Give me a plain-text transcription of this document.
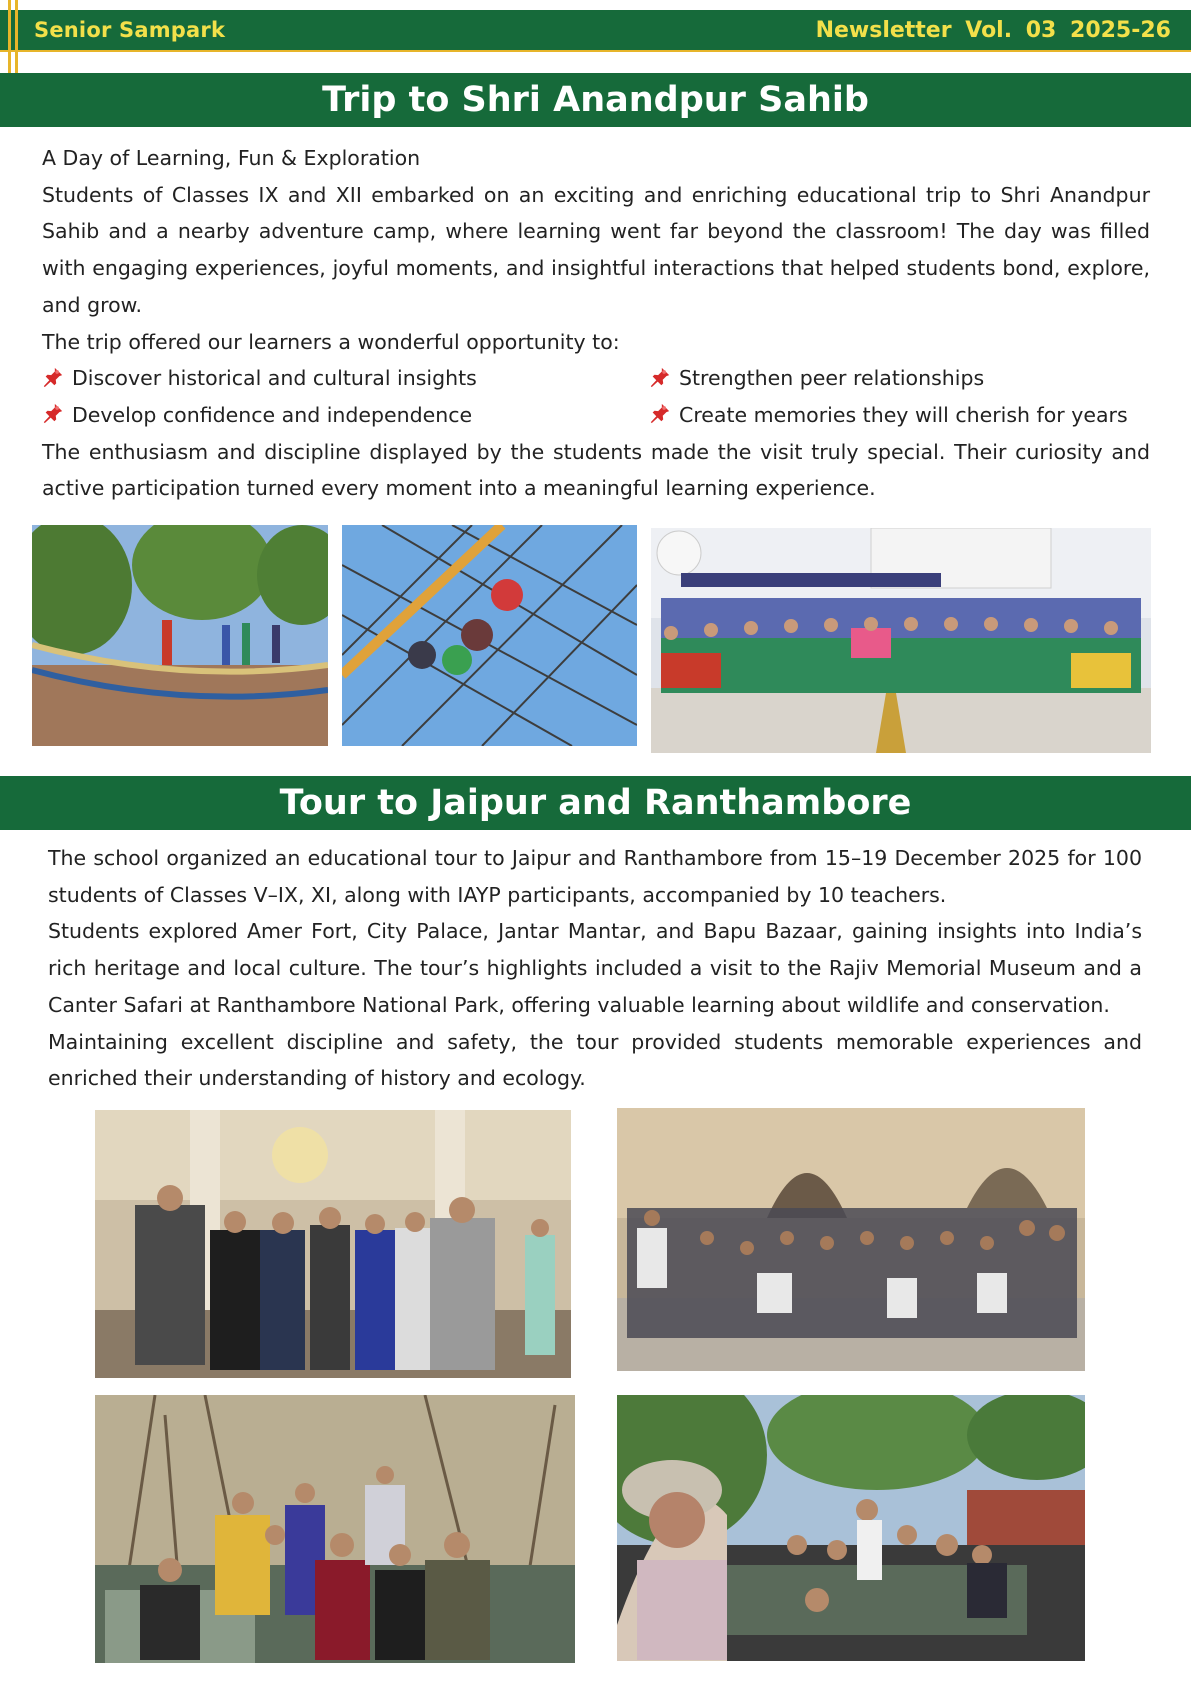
Senior Sampark	Newsletter Vol. 03 2025-26
Trip to Shri Anandpur Sahib

A Day of Learning, Fun & Exploration

Students of Classes IX and XII embarked on an exciting and enriching educational trip to Shri Anandpur Sahib and a nearby adventure camp, where learning went far beyond the classroom! The day was filled with engaging experiences, joyful moments, and insightful interactions that helped students bond, explore, and grow.

The trip offered our learners a wonderful opportunity to:

Discover historical and cultural insights	Strengthen peer relationships
Develop confidence and independence	Create memories they will cherish for years

The enthusiasm and discipline displayed by the students made the visit truly special. Their curiosity and active participation turned every moment into a meaningful learning experience.

Tour to Jaipur and Ranthambore

The school organized an educational tour to Jaipur and Ranthambore from 15–19 December 2025 for 100 students of Classes V–IX, XI, along with IAYP participants, accompanied by 10 teachers.

Students explored Amer Fort, City Palace, Jantar Mantar, and Bapu Bazaar, gaining insights into India’s rich heritage and local culture. The tour’s highlights included a visit to the Rajiv Memorial Museum and a Canter Safari at Ranthambore National Park, offering valuable learning about wildlife and conservation.

Maintaining excellent discipline and safety, the tour provided students memorable experiences and enriched their understanding of history and ecology.
